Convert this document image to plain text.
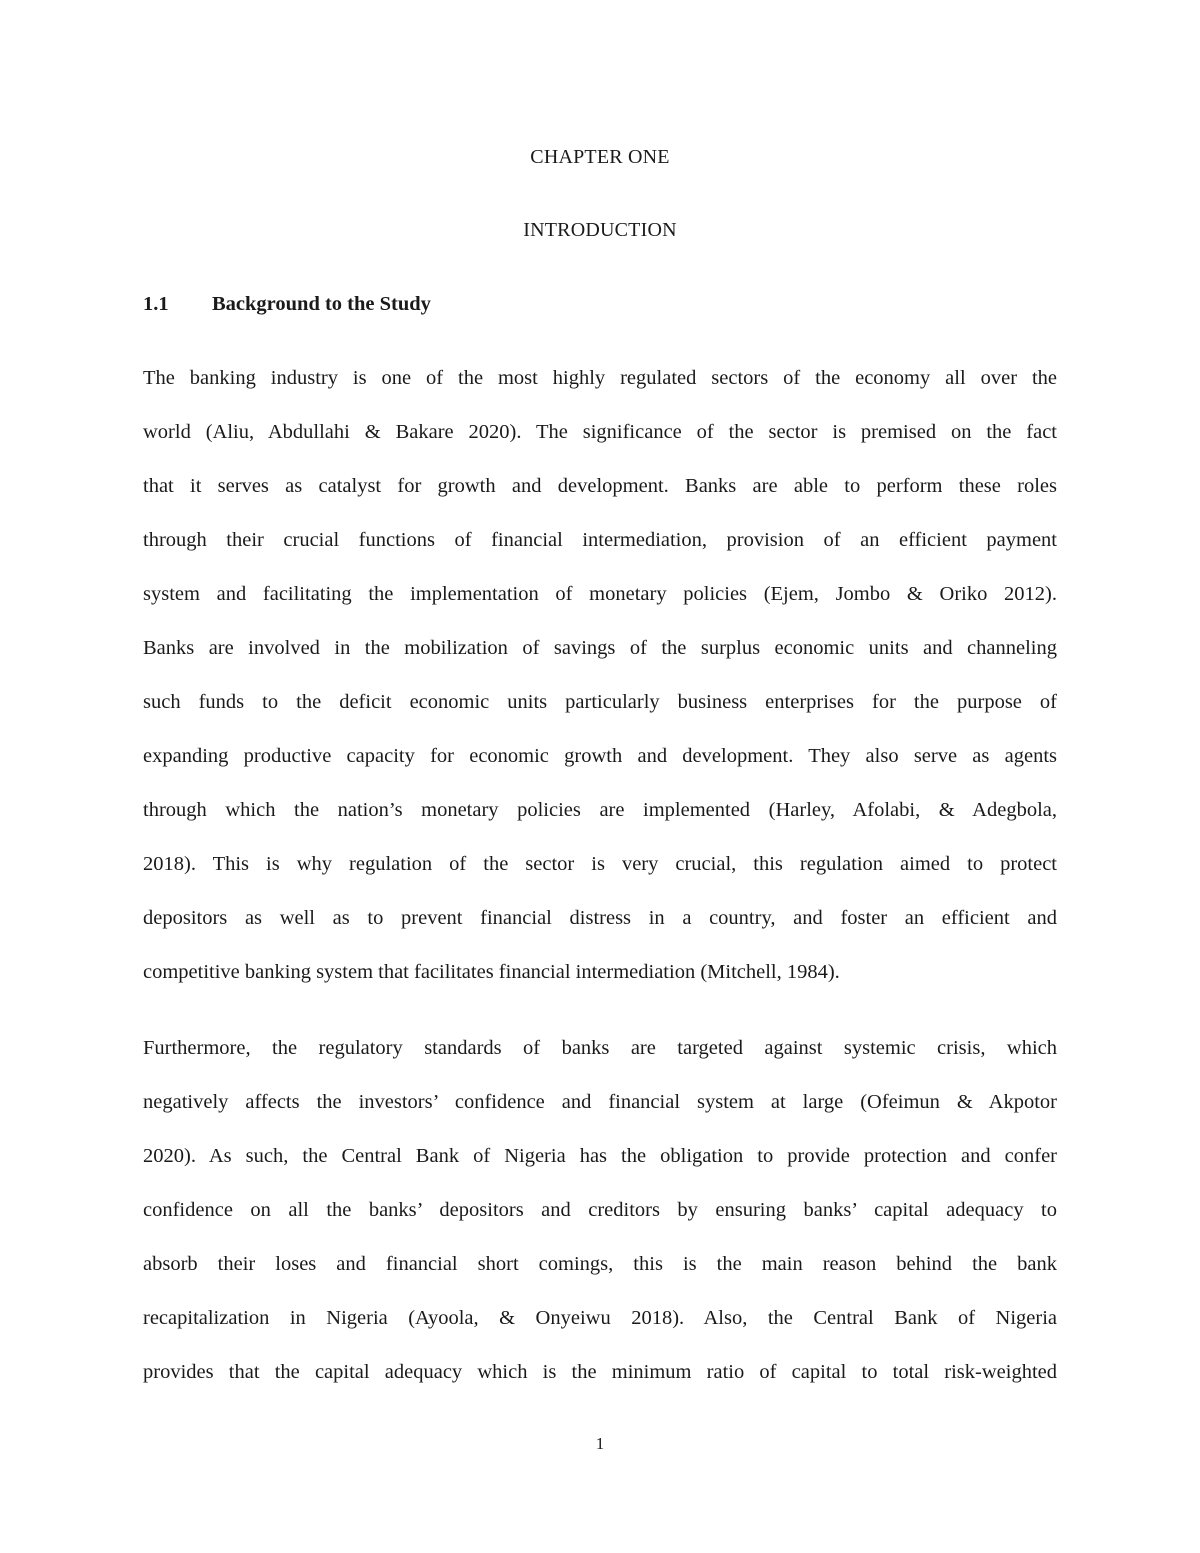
CHAPTER ONE
INTRODUCTION
1.1 Background to the Study
The banking industry is one of the most highly regulated sectors of the economy all over the
world (Aliu, Abdullahi & Bakare 2020). The significance of the sector is premised on the fact
that it serves as catalyst for growth and development. Banks are able to perform these roles
through their crucial functions of financial intermediation, provision of an efficient payment
system and facilitating the implementation of monetary policies (Ejem, Jombo & Oriko 2012).
Banks are involved in the mobilization of savings of the surplus economic units and channeling
such funds to the deficit economic units particularly business enterprises for the purpose of
expanding productive capacity for economic growth and development. They also serve as agents
through which the nation’s monetary policies are implemented (Harley, Afolabi, & Adegbola,
2018). This is why regulation of the sector is very crucial, this regulation aimed to protect
depositors as well as to prevent financial distress in a country, and foster an efficient and
competitive banking system that facilitates financial intermediation (Mitchell, 1984).
Furthermore, the regulatory standards of banks are targeted against systemic crisis, which
negatively affects the investors’ confidence and financial system at large (Ofeimun & Akpotor
2020). As such, the Central Bank of Nigeria has the obligation to provide protection and confer
confidence on all the banks’ depositors and creditors by ensuring banks’ capital adequacy to
absorb their loses and financial short comings, this is the main reason behind the bank
recapitalization in Nigeria (Ayoola, & Onyeiwu 2018). Also, the Central Bank of Nigeria
provides that the capital adequacy which is the minimum ratio of capital to total risk-weighted
1
